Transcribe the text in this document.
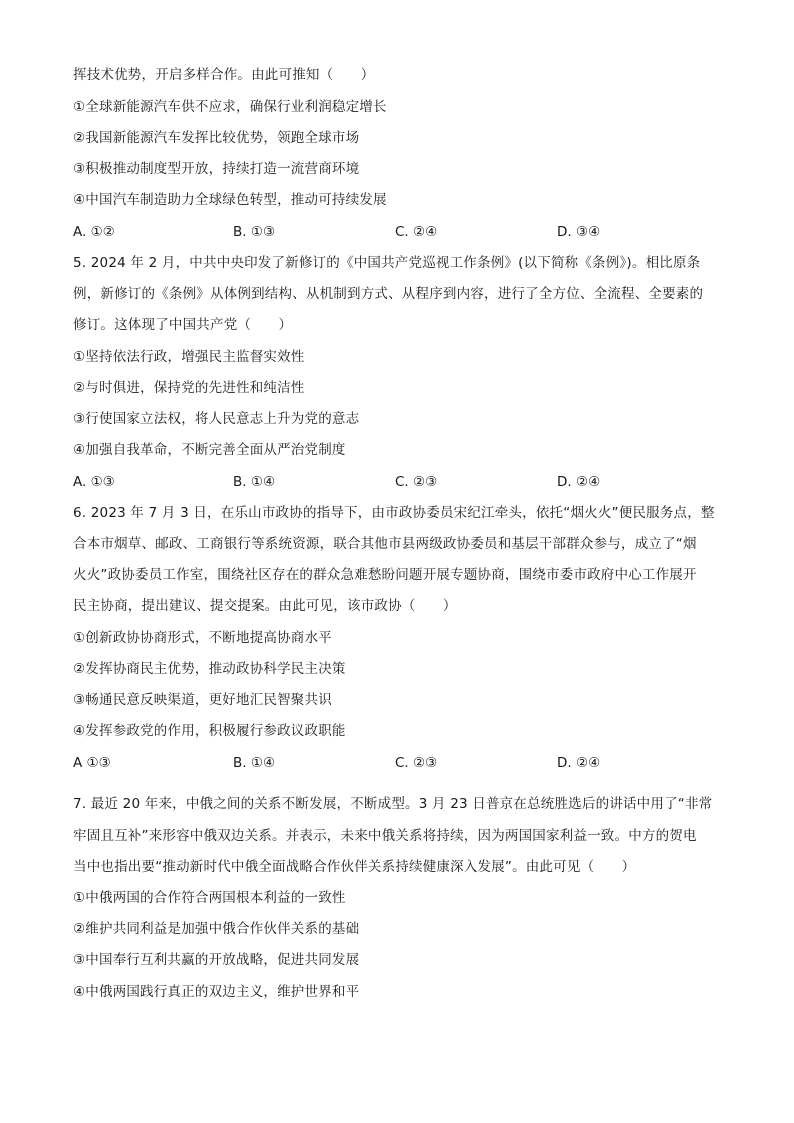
挥技术优势，开启多样合作。由此可推知（　　）
①全球新能源汽车供不应求，确保行业利润稳定增长
②我国新能源汽车发挥比较优势，领跑全球市场
③积极推动制度型开放，持续打造一流营商环境
④中国汽车制造助力全球绿色转型，推动可持续发展
A. ①②	B. ①③	C. ②④	D. ③④
5. 2024 年 2 月，中共中央印发了新修订的《中国共产党巡视工作条例》(以下简称《条例》)。相比原条
例，新修订的《条例》从体例到结构、从机制到方式、从程序到内容，进行了全方位、全流程、全要素的
修订。这体现了中国共产党（　　）
①坚持依法行政，增强民主监督实效性
②与时俱进，保持党的先进性和纯洁性
③行使国家立法权，将人民意志上升为党的意志
④加强自我革命，不断完善全面从严治党制度
A. ①③	B. ①④	C. ②③	D. ②④
6. 2023 年 7 月 3 日，在乐山市政协的指导下，由市政协委员宋纪江牵头，依托“烟火火”便民服务点，整
合本市烟草、邮政、工商银行等系统资源，联合其他市县两级政协委员和基层干部群众参与，成立了“烟
火火”政协委员工作室，围绕社区存在的群众急难愁盼问题开展专题协商，围绕市委市政府中心工作展开
民主协商，提出建议、提交提案。由此可见，该市政协（　　）
①创新政协协商形式，不断地提高协商水平
②发挥协商民主优势，推动政协科学民主决策
③畅通民意反映渠道，更好地汇民智聚共识
④发挥参政党的作用，积极履行参政议政职能
A ①③	B. ①④	C. ②③	D. ②④
7. 最近 20 年来，中俄之间的关系不断发展，不断成型。3 月 23 日普京在总统胜选后的讲话中用了“非常
牢固且互补”来形容中俄双边关系。并表示，未来中俄关系将持续，因为两国国家利益一致。中方的贺电
当中也指出要“推动新时代中俄全面战略合作伙伴关系持续健康深入发展”。由此可见（　　）
①中俄两国的合作符合两国根本利益的一致性
②维护共同利益是加强中俄合作伙伴关系的基础
③中国奉行互利共赢的开放战略，促进共同发展
④中俄两国践行真正的双边主义，维护世界和平
